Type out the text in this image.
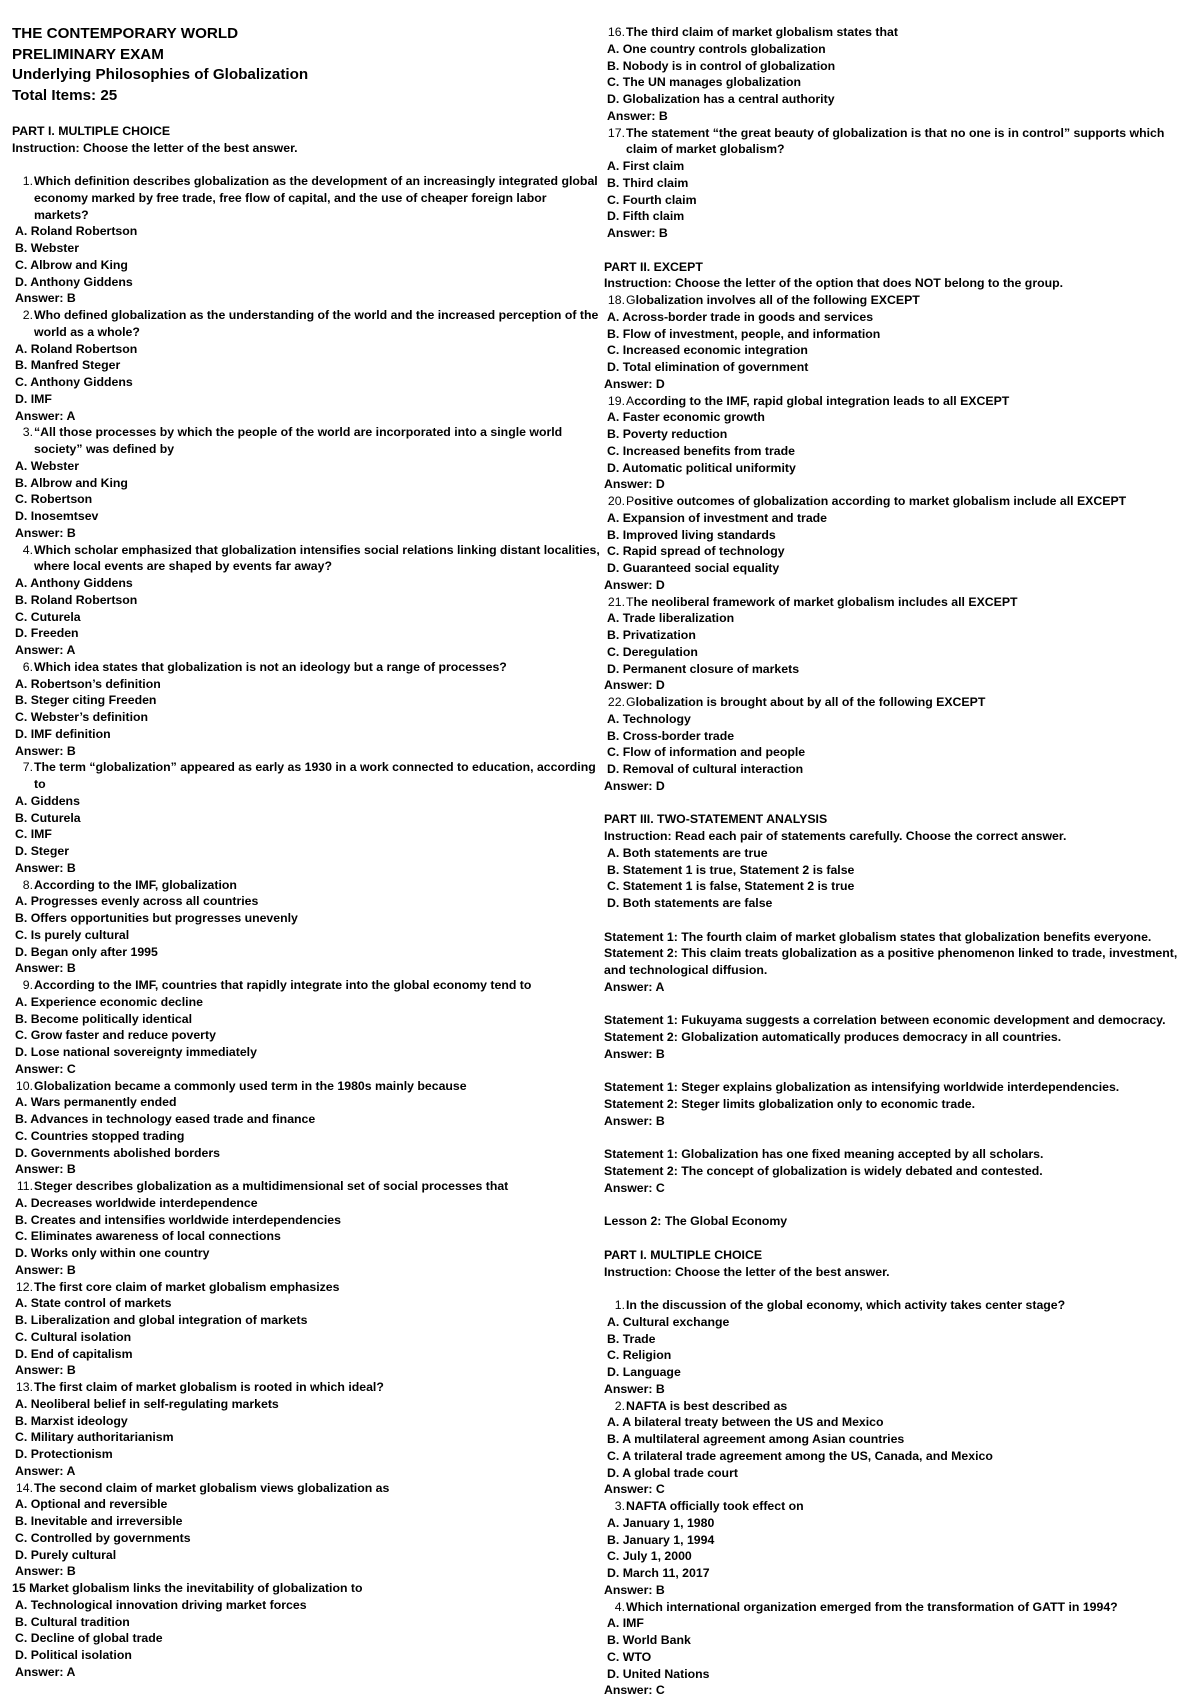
THE CONTEMPORARY WORLD
PRELIMINARY EXAM
Underlying Philosophies of Globalization
Total Items: 25
PART I. MULTIPLE CHOICE
Instruction: Choose the letter of the best answer.
1. Which definition describes globalization as the development of an increasingly integrated global economy marked by free trade, free flow of capital, and the use of cheaper foreign labor markets?
A. Roland Robertson
B. Webster
C. Albrow and King
D. Anthony Giddens
Answer: B
2. Who defined globalization as the understanding of the world and the increased perception of the world as a whole?
A. Roland Robertson
B. Manfred Steger
C. Anthony Giddens
D. IMF
Answer: A
3. “All those processes by which the people of the world are incorporated into a single world society” was defined by
A. Webster
B. Albrow and King
C. Robertson
D. Inosemtsev
Answer: B
4. Which scholar emphasized that globalization intensifies social relations linking distant localities, where local events are shaped by events far away?
A. Anthony Giddens
B. Roland Robertson
C. Cuturela
D. Freeden
Answer: A
6. Which idea states that globalization is not an ideology but a range of processes?
A. Robertson’s definition
B. Steger citing Freeden
C. Webster’s definition
D. IMF definition
Answer: B
7. The term “globalization” appeared as early as 1930 in a work connected to education, according to
A. Giddens
B. Cuturela
C. IMF
D. Steger
Answer: B
8. According to the IMF, globalization
A. Progresses evenly across all countries
B. Offers opportunities but progresses unevenly
C. Is purely cultural
D. Began only after 1995
Answer: B
9. According to the IMF, countries that rapidly integrate into the global economy tend to
A. Experience economic decline
B. Become politically identical
C. Grow faster and reduce poverty
D. Lose national sovereignty immediately
Answer: C
10. Globalization became a commonly used term in the 1980s mainly because
A. Wars permanently ended
B. Advances in technology eased trade and finance
C. Countries stopped trading
D. Governments abolished borders
Answer: B
11. Steger describes globalization as a multidimensional set of social processes that
A. Decreases worldwide interdependence
B. Creates and intensifies worldwide interdependencies
C. Eliminates awareness of local connections
D. Works only within one country
Answer: B
12. The first core claim of market globalism emphasizes
A. State control of markets
B. Liberalization and global integration of markets
C. Cultural isolation
D. End of capitalism
Answer: B
13. The first claim of market globalism is rooted in which ideal?
A. Neoliberal belief in self-regulating markets
B. Marxist ideology
C. Military authoritarianism
D. Protectionism
Answer: A
14. The second claim of market globalism views globalization as
A. Optional and reversible
B. Inevitable and irreversible
C. Controlled by governments
D. Purely cultural
Answer: B
15 Market globalism links the inevitability of globalization to
A. Technological innovation driving market forces
B. Cultural tradition
C. Decline of global trade
D. Political isolation
Answer: A
16. The third claim of market globalism states that
A. One country controls globalization
B. Nobody is in control of globalization
C. The UN manages globalization
D. Globalization has a central authority
Answer: B
17. The statement “the great beauty of globalization is that no one is in control” supports which claim of market globalism?
A. First claim
B. Third claim
C. Fourth claim
D. Fifth claim
Answer: B
PART II. EXCEPT
Instruction: Choose the letter of the option that does NOT belong to the group.
18. Globalization involves all of the following EXCEPT
A. Across-border trade in goods and services
B. Flow of investment, people, and information
C. Increased economic integration
D. Total elimination of government
Answer: D
19. According to the IMF, rapid global integration leads to all EXCEPT
A. Faster economic growth
B. Poverty reduction
C. Increased benefits from trade
D. Automatic political uniformity
Answer: D
20. Positive outcomes of globalization according to market globalism include all EXCEPT
A. Expansion of investment and trade
B. Improved living standards
C. Rapid spread of technology
D. Guaranteed social equality
Answer: D
21. The neoliberal framework of market globalism includes all EXCEPT
A. Trade liberalization
B. Privatization
C. Deregulation
D. Permanent closure of markets
Answer: D
22. Globalization is brought about by all of the following EXCEPT
A. Technology
B. Cross-border trade
C. Flow of information and people
D. Removal of cultural interaction
Answer: D
PART III. TWO-STATEMENT ANALYSIS
Instruction: Read each pair of statements carefully. Choose the correct answer.
A. Both statements are true
B. Statement 1 is true, Statement 2 is false
C. Statement 1 is false, Statement 2 is true
D. Both statements are false
Statement 1: The fourth claim of market globalism states that globalization benefits everyone.
Statement 2: This claim treats globalization as a positive phenomenon linked to trade, investment,
and technological diffusion.
Answer: A
Statement 1: Fukuyama suggests a correlation between economic development and democracy.
Statement 2: Globalization automatically produces democracy in all countries.
Answer: B
Statement 1: Steger explains globalization as intensifying worldwide interdependencies.
Statement 2: Steger limits globalization only to economic trade.
Answer: B
Statement 1: Globalization has one fixed meaning accepted by all scholars.
Statement 2: The concept of globalization is widely debated and contested.
Answer: C
Lesson 2: The Global Economy
PART I. MULTIPLE CHOICE
Instruction: Choose the letter of the best answer.
1. In the discussion of the global economy, which activity takes center stage?
A. Cultural exchange
B. Trade
C. Religion
D. Language
Answer: B
2. NAFTA is best described as
A. A bilateral treaty between the US and Mexico
B. A multilateral agreement among Asian countries
C. A trilateral trade agreement among the US, Canada, and Mexico
D. A global trade court
Answer: C
3. NAFTA officially took effect on
A. January 1, 1980
B. January 1, 1994
C. July 1, 2000
D. March 11, 2017
Answer: B
4. Which international organization emerged from the transformation of GATT in 1994?
A. IMF
B. World Bank
C. WTO
D. United Nations
Answer: C
